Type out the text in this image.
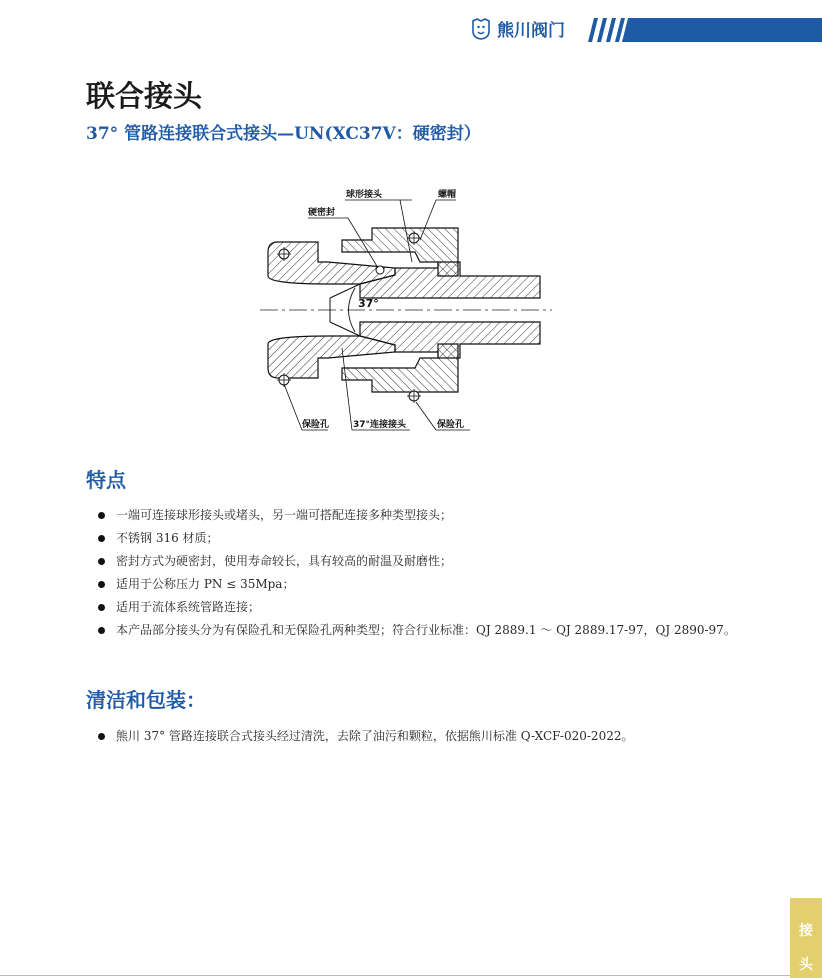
熊川阀门
联合接头
37° 管路连接联合式接头—UN(XC37V：硬密封）
球形接头	螺帽
硬密封
37°
保险孔	37°连接接头	保险孔
特点
一端可连接球形接头或堵头，另一端可搭配连接多种类型接头；
不锈钢 316 材质；
密封方式为硬密封，使用寿命较长，具有较高的耐温及耐磨性；
适用于公称压力 PN ≤ 35Mpa；
适用于流体系统管路连接；
本产品部分接头分为有保险孔和无保险孔两种类型；符合行业标准：QJ 2889.1 ～ QJ 2889.17-97，QJ 2890-97。
清洁和包装：
熊川 37° 管路连接联合式接头经过清洗，去除了油污和颗粒，依据熊川标准 Q-XCF-020-2022。
接
头
